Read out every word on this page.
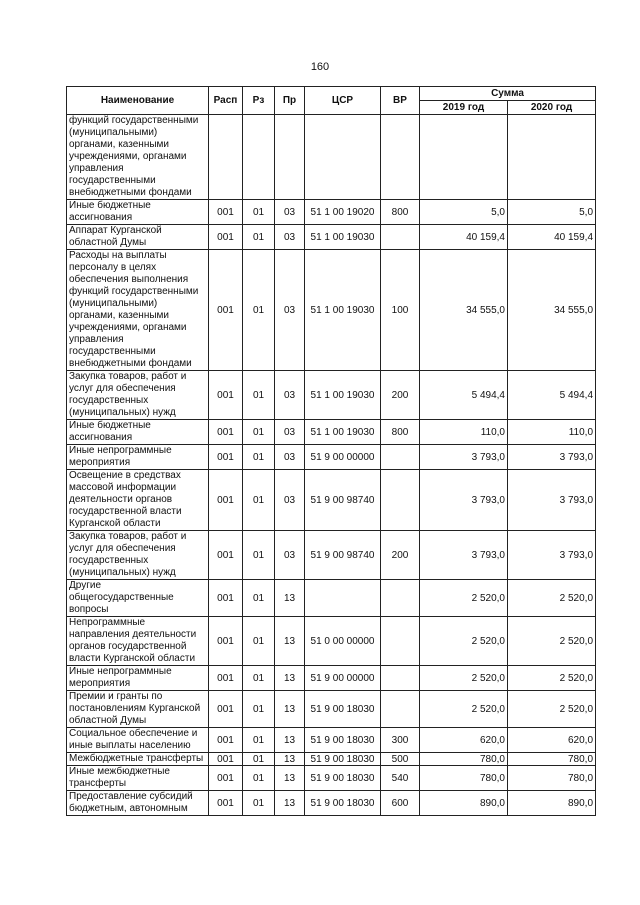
160
Наименование	Расп	Рз	Пр	ЦСР	ВР	Сумма	
						2019 год	2020 год
функций государственными (муниципальными) органами, казенными учреждениями, органами управления государственными внебюджетными фондами							
Иные бюджетные ассигнования	001	01	03	51 1 00 19020	800	5,0	5,0
Аппарат Курганской областной Думы	001	01	03	51 1 00 19030		40 159,4	40 159,4
Расходы на выплаты персоналу в целях обеспечения выполнения функций государственными (муниципальными) органами, казенными учреждениями, органами управления государственными внебюджетными фондами	001	01	03	51 1 00 19030	100	34 555,0	34 555,0
Закупка товаров, работ и услуг для обеспечения государственных (муниципальных) нужд	001	01	03	51 1 00 19030	200	5 494,4	5 494,4
Иные бюджетные ассигнования	001	01	03	51 1 00 19030	800	110,0	110,0
Иные непрограммные мероприятия	001	01	03	51 9 00 00000		3 793,0	3 793,0
Освещение в средствах массовой информации деятельности органов государственной власти Курганской области	001	01	03	51 9 00 98740		3 793,0	3 793,0
Закупка товаров, работ и услуг для обеспечения государственных (муниципальных) нужд	001	01	03	51 9 00 98740	200	3 793,0	3 793,0
Другие общегосударственные вопросы	001	01	13			2 520,0	2 520,0
Непрограммные направления деятельности органов государственной власти Курганской области	001	01	13	51 0 00 00000		2 520,0	2 520,0
Иные непрограммные мероприятия	001	01	13	51 9 00 00000		2 520,0	2 520,0
Премии и гранты по постановлениям Курганской областной Думы	001	01	13	51 9 00 18030		2 520,0	2 520,0
Социальное обеспечение и иные выплаты населению	001	01	13	51 9 00 18030	300	620,0	620,0
Межбюджетные трансферты	001	01	13	51 9 00 18030	500	780,0	780,0
Иные межбюджетные трансферты	001	01	13	51 9 00 18030	540	780,0	780,0
Предоставление субсидий бюджетным, автономным	001	01	13	51 9 00 18030	600	890,0	890,0
